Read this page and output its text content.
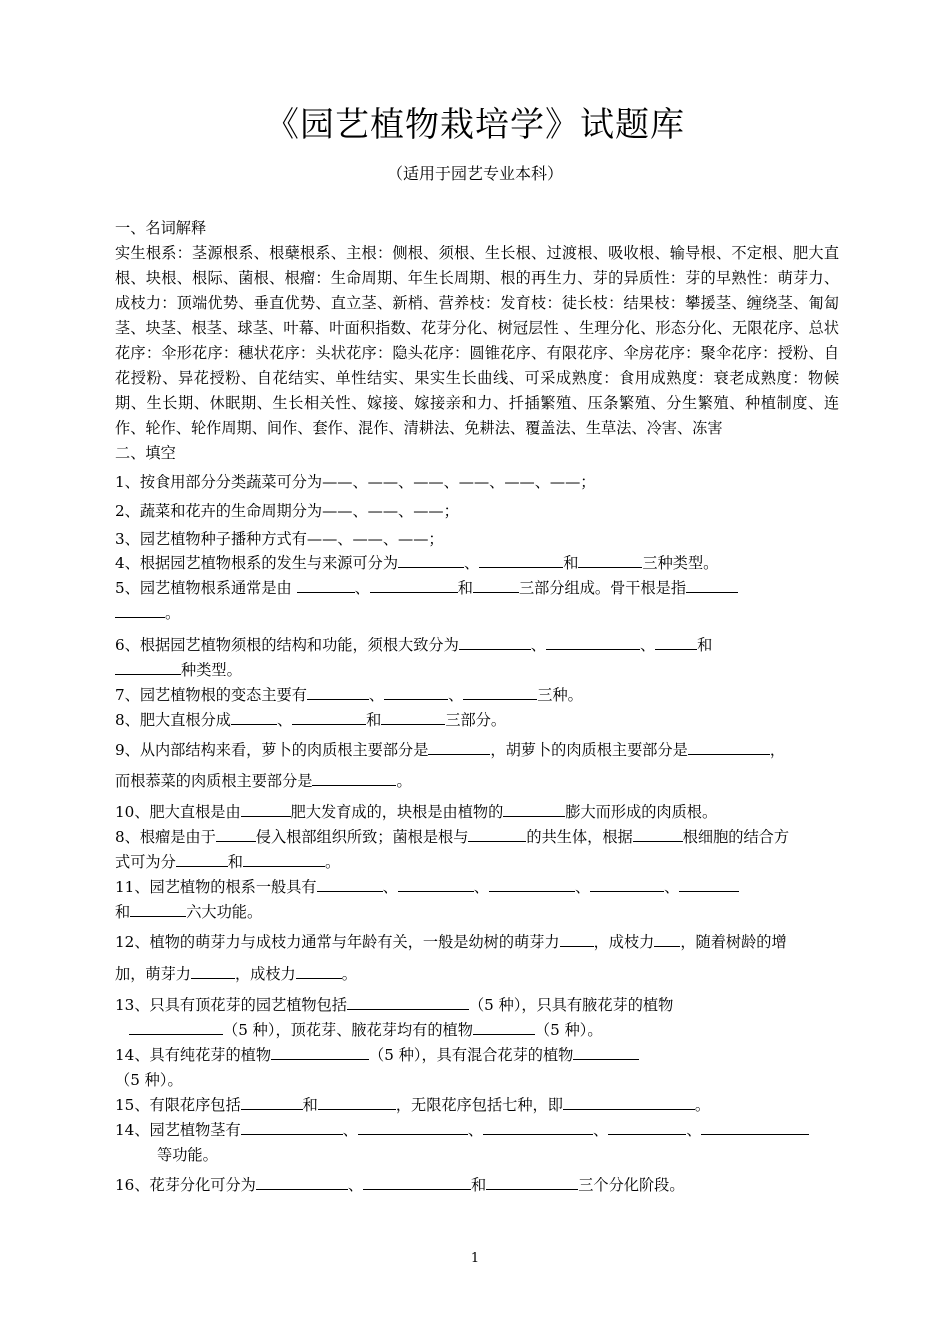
《园艺植物栽培学》试题库
（适用于园艺专业本科）
一、名词解释
实生根系：茎源根系、根蘖根系、主根：侧根、须根、生长根、过渡根、吸收根、输导根、不定根、肥大直根、块根、根际、菌根、根瘤：生命周期、年生长周期、根的再生力、芽的异质性：芽的早熟性：萌芽力、成枝力：顶端优势、垂直优势、直立茎、新梢、营养枝：发育枝：徒长枝：结果枝：攀援茎、缠绕茎、匍匐茎、块茎、根茎、球茎、叶幕、叶面积指数、花芽分化、树冠层性 、生理分化、形态分化、无限花序、总状花序：伞形花序：穗状花序：头状花序：隐头花序：圆锥花序、有限花序、伞房花序：聚伞花序：授粉、自花授粉、异花授粉、自花结实、单性结实、果实生长曲线、可采成熟度：食用成熟度：衰老成熟度：物候期、生长期、休眠期、生长相关性、嫁接、嫁接亲和力、扦插繁殖、压条繁殖、分生繁殖、种植制度、连作、轮作、轮作周期、间作、套作、混作、清耕法、免耕法、覆盖法、生草法、冷害、冻害
二、填空
1、按食用部分分类蔬菜可分为——、——、——、——、——、——；
2、蔬菜和花卉的生命周期分为——、——、——；
3、园艺植物种子播种方式有——、——、——；
4、根据园艺植物根系的发生与来源可分为	、	和	三种类型。
5、园艺植物根系通常是由	、	和	三部分组成。骨干根是指
。
6、根据园艺植物须根的结构和功能，须根大致分为	、	、	和
种类型。
7、园艺植物根的变态主要有	、	、	三种。
8、肥大直根分成	、	和	三部分。
9、从内部结构来看，萝卜的肉质根主要部分是	，胡萝卜的肉质根主要部分是	，
而根菾菜的肉质根主要部分是	。
10、肥大直根是由	肥大发育成的，块根是由植物的	膨大而形成的肉质根。
8、根瘤是由于	侵入根部组织所致；菌根是根与	的共生体，根据	根细胞的结合方
式可为分	和	。
11、园艺植物的根系一般具有	、	、	、	、
和	六大功能。
12、植物的萌芽力与成枝力通常与年龄有关，一般是幼树的萌芽力 ，成枝力 ，随着树龄的增
加，萌芽力	，成枝力	。
13、只具有顶花芽的园艺植物包括	（5 种），只具有腋花芽的植物
（5 种），顶花芽、腋花芽均有的植物	（5 种）。
14、具有纯花芽的植物	（5 种），具有混合花芽的植物
（5 种）。
15、有限花序包括	和	，无限花序包括七种，即	。
14、园艺植物茎有	、	、	、	、
等功能。
16、花芽分化可分为	、	和	三个分化阶段。
1
